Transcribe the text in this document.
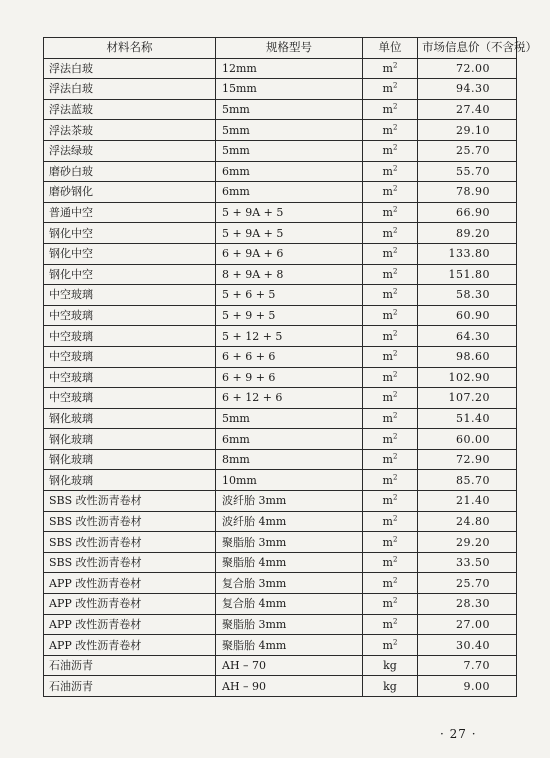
材料名称	规格型号	单位	市场信息价（不含税）
浮法白玻	12mm	$m^2$	72.00
浮法白玻	15mm	$m^2$	94.30
浮法蓝玻	5mm	$m^2$	27.40
浮法茶玻	5mm	$m^2$	29.10
浮法绿玻	5mm	$m^2$	25.70
磨砂白玻	6mm	$m^2$	55.70
磨砂钢化	6mm	$m^2$	78.90
普通中空	5 + 9A + 5	$m^2$	66.90
钢化中空	5 + 9A + 5	$m^2$	89.20
钢化中空	6 + 9A + 6	$m^2$	133.80
钢化中空	8 + 9A + 8	$m^2$	151.80
中空玻璃	5 + 6 + 5	$m^2$	58.30
中空玻璃	5 + 9 + 5	$m^2$	60.90
中空玻璃	5 + 12 + 5	$m^2$	64.30
中空玻璃	6 + 6 + 6	$m^2$	98.60
中空玻璃	6 + 9 + 6	$m^2$	102.90
中空玻璃	6 + 12 + 6	$m^2$	107.20
钢化玻璃	5mm	$m^2$	51.40
钢化玻璃	6mm	$m^2$	60.00
钢化玻璃	8mm	$m^2$	72.90
钢化玻璃	10mm	$m^2$	85.70
SBS 改性沥青卷材	波纤胎 3mm	$m^2$	21.40
SBS 改性沥青卷材	波纤胎 4mm	$m^2$	24.80
SBS 改性沥青卷材	聚脂胎 3mm	$m^2$	29.20
SBS 改性沥青卷材	聚脂胎 4mm	$m^2$	33.50
APP 改性沥青卷材	复合胎 3mm	$m^2$	25.70
APP 改性沥青卷材	复合胎 4mm	$m^2$	28.30
APP 改性沥青卷材	聚脂胎 3mm	$m^2$	27.00
APP 改性沥青卷材	聚脂胎 4mm	$m^2$	30.40
石油沥青	AH – 70	kg	7.70
石油沥青	AH – 90	kg	9.00
· 27 ·
